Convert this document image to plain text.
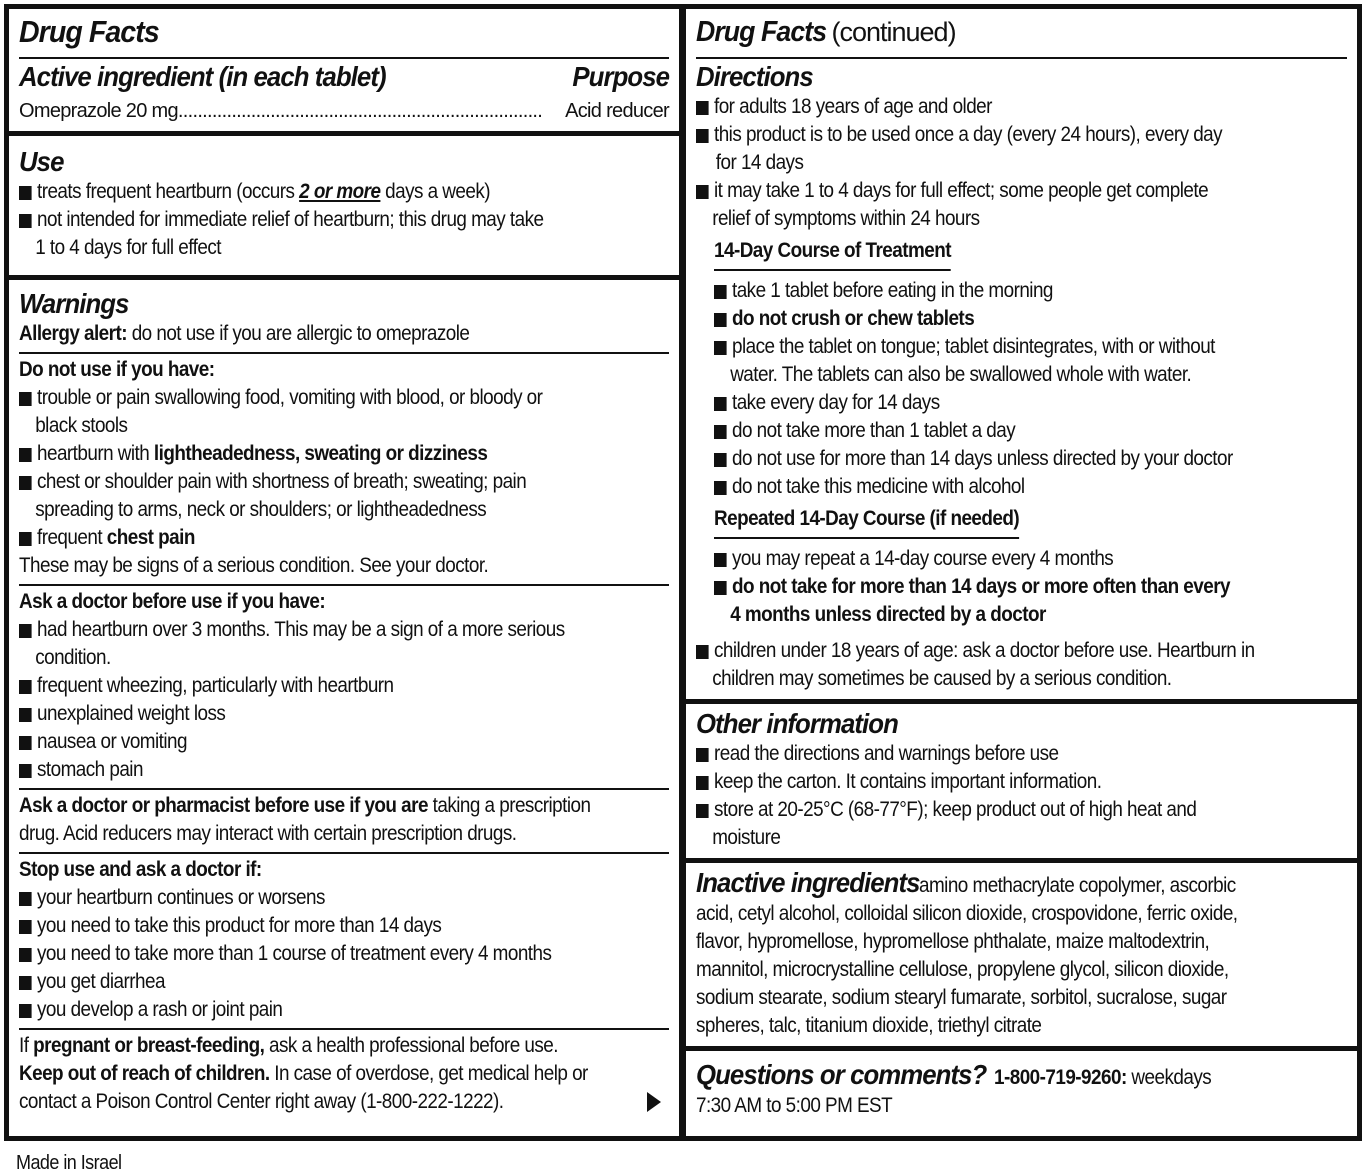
Drug Facts
Active ingredient (in each tablet)	Purpose
Omeprazole 20 mg ...........................................................................	Acid reducer
Use
treats frequent heartburn (occurs 2 or more days a week)
not intended for immediate relief of heartburn; this drug may take
1 to 4 days for full effect
Warnings
Allergy alert: do not use if you are allergic to omeprazole
Do not use if you have:
trouble or pain swallowing food, vomiting with blood, or bloody or
black stools
heartburn with lightheadedness, sweating or dizziness
chest or shoulder pain with shortness of breath; sweating; pain
spreading to arms, neck or shoulders; or lightheadedness
frequent chest pain
These may be signs of a serious condition. See your doctor.
Ask a doctor before use if you have:
had heartburn over 3 months. This may be a sign of a more serious
condition.
frequent wheezing, particularly with heartburn
unexplained weight loss
nausea or vomiting
stomach pain
Ask a doctor or pharmacist before use if you are taking a prescription
drug. Acid reducers may interact with certain prescription drugs.
Stop use and ask a doctor if:
your heartburn continues or worsens
you need to take this product for more than 14 days
you need to take more than 1 course of treatment every 4 months
you get diarrhea
you develop a rash or joint pain
If pregnant or breast-feeding, ask a health professional before use.
Keep out of reach of children. In case of overdose, get medical help or
contact a Poison Control Center right away (1-800-222-1222).
Drug Facts (continued)
Directions
for adults 18 years of age and older
this product is to be used once a day (every 24 hours), every day
for 14 days
it may take 1 to 4 days for full effect; some people get complete
relief of symptoms within 24 hours
14-Day Course of Treatment
take 1 tablet before eating in the morning
do not crush or chew tablets
place the tablet on tongue; tablet disintegrates, with or without
water. The tablets can also be swallowed whole with water.
take every day for 14 days
do not take more than 1 tablet a day
do not use for more than 14 days unless directed by your doctor
do not take this medicine with alcohol
Repeated 14-Day Course (if needed)
you may repeat a 14-day course every 4 months
do not take for more than 14 days or more often than every
4 months unless directed by a doctor
children under 18 years of age: ask a doctor before use. Heartburn in
children may sometimes be caused by a serious condition.
Other information
read the directions and warnings before use
keep the carton. It contains important information.
store at 20-25°C (68-77°F); keep product out of high heat and
moisture
Inactive ingredientsamino methacrylate copolymer, ascorbic
acid, cetyl alcohol, colloidal silicon dioxide, crospovidone, ferric oxide,
flavor, hypromellose, hypromellose phthalate, maize maltodextrin,
mannitol, microcrystalline cellulose, propylene glycol, silicon dioxide,
sodium stearate, sodium stearyl fumarate, sorbitol, sucralose, sugar
spheres, talc, titanium dioxide, triethyl citrate
Questions or comments?1-800-719-9260: weekdays
7:30 AM to 5:00 PM EST
Made in Israel
